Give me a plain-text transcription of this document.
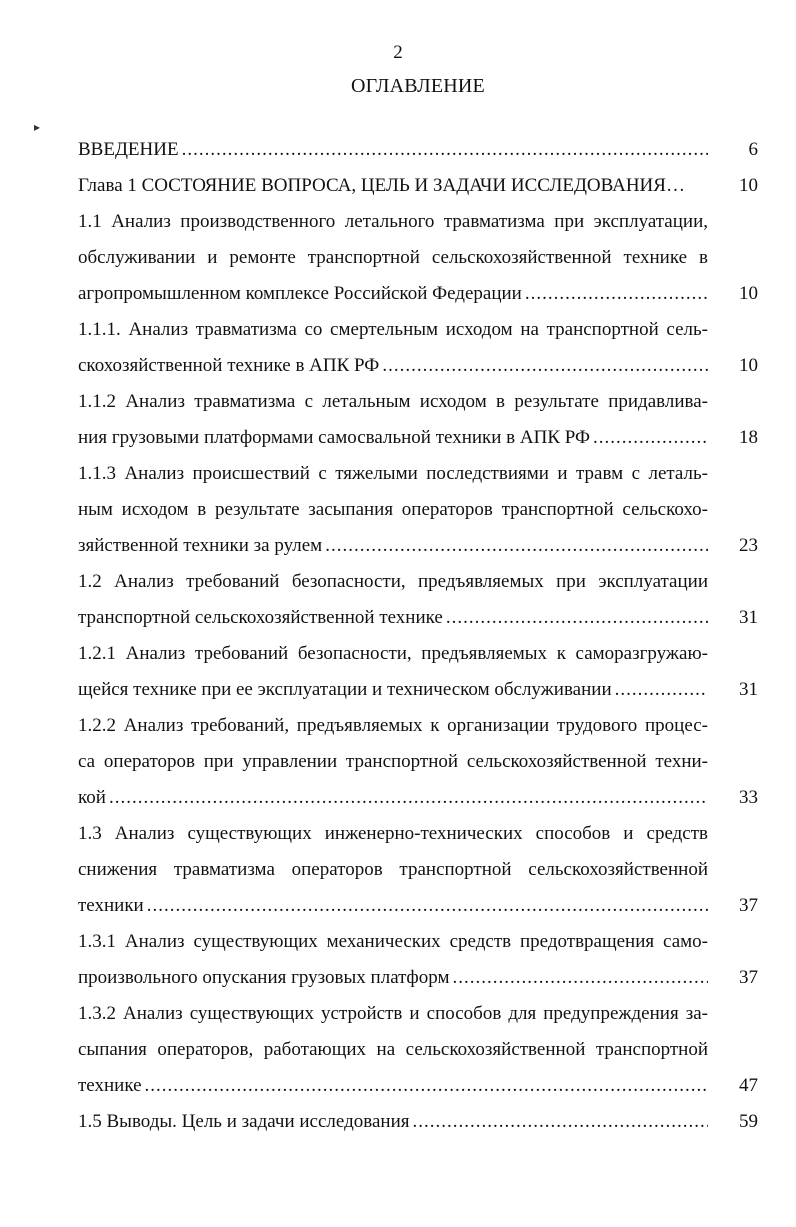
2
ОГЛАВЛЕНИЕ
▸
ВВЕДЕНИЕ .....	6
Глава 1 СОСТОЯНИЕ ВОПРОСА, ЦЕЛЬ И ЗАДАЧИ ИССЛЕДОВАНИЯ…	10
1.1 Анализ производственного летального травматизма при эксплуатации,
обслуживании и ремонте транспортной сельскохозяйственной технике в
агропромышленном комплексе Российской Федерации .....	10
1.1.1. Анализ травматизма со смертельным исходом на транспортной сель-
скохозяйственной технике в АПК РФ .....	10
1.1.2 Анализ травматизма с летальным исходом в результате придавлива-
ния грузовыми платформами самосвальной техники в АПК РФ .....	18
1.1.3 Анализ происшествий с тяжелыми последствиями и травм с леталь-
ным исходом в результате засыпания операторов транспортной сельскохо-
зяйственной техники за рулем .....	23
1.2 Анализ требований безопасности, предъявляемых при эксплуатации
транспортной сельскохозяйственной технике .....	31
1.2.1 Анализ требований безопасности, предъявляемых к саморазгружаю-
щейся технике при ее эксплуатации и техническом обслуживании .....	31
1.2.2 Анализ требований, предъявляемых к организации трудового процес-
са операторов при управлении транспортной сельскохозяйственной техни-
кой .....	33
1.3 Анализ существующих инженерно-технических способов и средств
снижения травматизма операторов транспортной сельскохозяйственной
техники .....	37
1.3.1 Анализ существующих механических средств предотвращения само-
произвольного опускания грузовых платформ .....	37
1.3.2 Анализ существующих устройств и способов для предупреждения за-
сыпания операторов, работающих на сельскохозяйственной транспортной
технике .....	47
1.5 Выводы. Цель и задачи исследования .....	59
